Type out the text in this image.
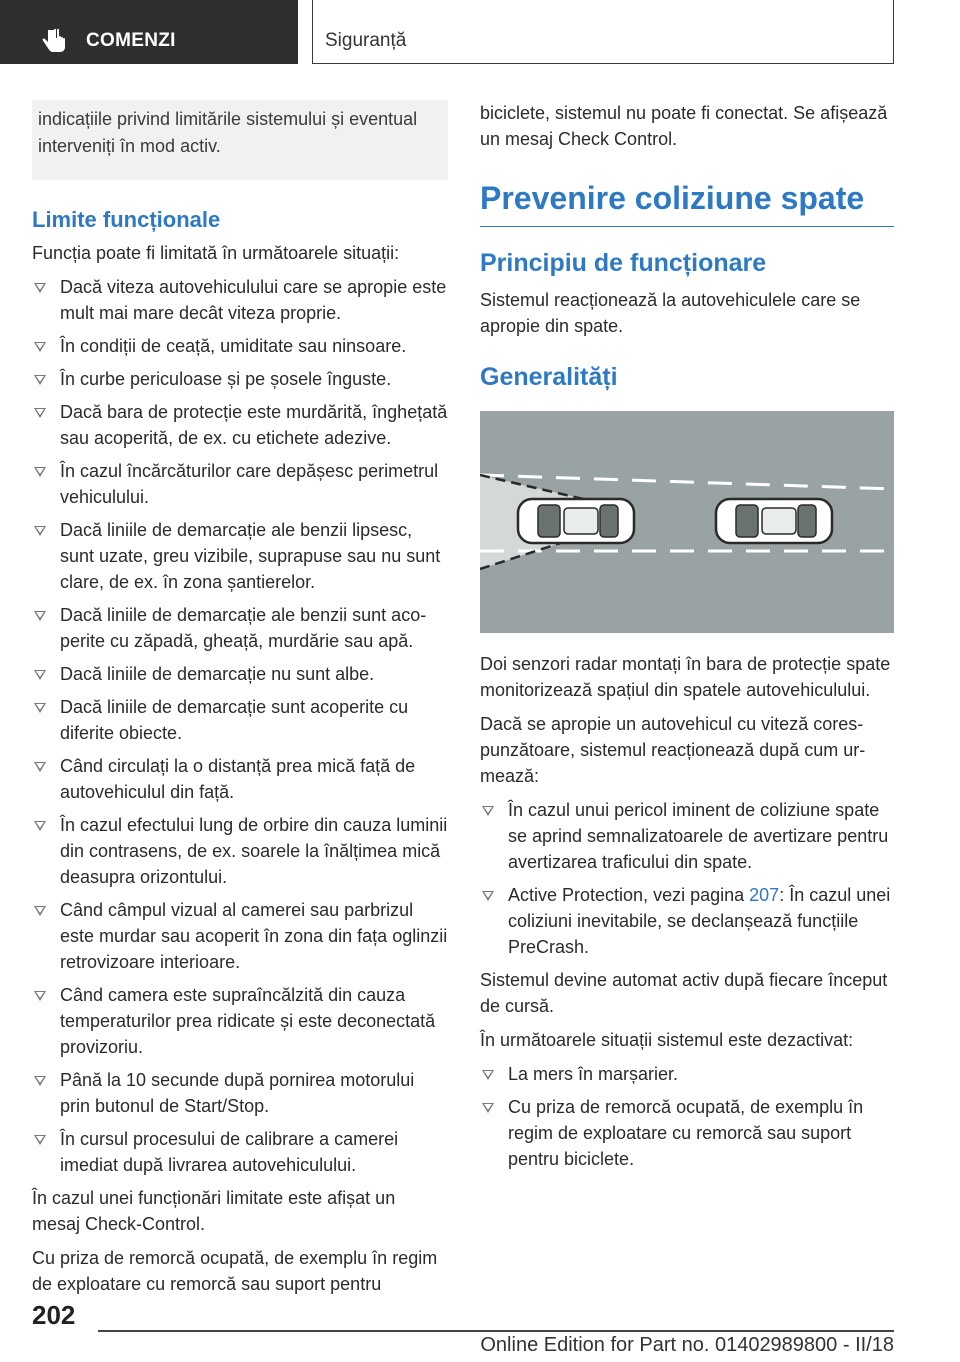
COMENZI	Siguranță
indicațiile privind limitările sistemului și eventual interveniți în mod activ.
Limite funcționale

Funcția poate fi limitată în următoarele situații:

Dacă viteza autovehiculului care se apropie este mult mai mare decât viteza proprie.
În condiții de ceață, umiditate sau ninsoare.
În curbe periculoase și pe șosele înguste.
Dacă bara de protecție este murdărită, înghețată sau acoperită, de ex. cu etichete adezive.
În cazul încărcăturilor care depășesc perimetrul vehiculului.
Dacă liniile de demarcație ale benzii lipsesc, sunt uzate, greu vizibile, suprapuse sau nu sunt clare, de ex. în zona șantierelor.
Dacă liniile de demarcație ale benzii sunt acoperite cu zăpadă, gheață, murdărie sau apă.
Dacă liniile de demarcație nu sunt albe.
Dacă liniile de demarcație sunt acoperite cu diferite obiecte.
Când circulați la o distanță prea mică față de autovehiculul din față.
În cazul efectului lung de orbire din cauza luminii din contrasens, de ex. soarele la înălțimea mică deasupra orizontului.
Când câmpul vizual al camerei sau parbrizul este murdar sau acoperit în zona din fața oglinzii retrovizoare interioare.
Când camera este supraîncălzită din cauza temperaturilor prea ridicate și este deconectată provizoriu.
Până la 10 secunde după pornirea motorului prin butonul de Start/Stop.
În cursul procesului de calibrare a camerei imediat după livrarea autovehiculului.

În cazul unei funcționări limitate este afișat un mesaj Check-Control.

Cu priza de remorcă ocupată, de exemplu în regim de exploatare cu remorcă sau suport pentru

biciclete, sistemul nu poate fi conectat. Se afișează un mesaj Check Control.

Prevenire coliziune spate
Principiu de funcționare

Sistemul reacționează la autovehiculele care se apropie din spate.

Generalități

Doi senzori radar montați în bara de protecție spate monitorizează spațiul din spatele autovehiculului.

Dacă se apropie un autovehicul cu viteză corespunzătoare, sistemul reacționează după cum urmează:

În cazul unui pericol iminent de coliziune spate se aprind semnalizatoarele de avertizare pentru avertizarea traficului din spate.
Active Protection, vezi pagina 207: În cazul unei coliziuni inevitabile, se declanșează funcțiile PreCrash.

Sistemul devine automat activ după fiecare început de cursă.

În următoarele situații sistemul este dezactivat:

La mers în marșarier.
Cu priza de remorcă ocupată, de exemplu în regim de exploatare cu remorcă sau suport pentru biciclete.
202
Online Edition for Part no. 01402989800 - II/18
